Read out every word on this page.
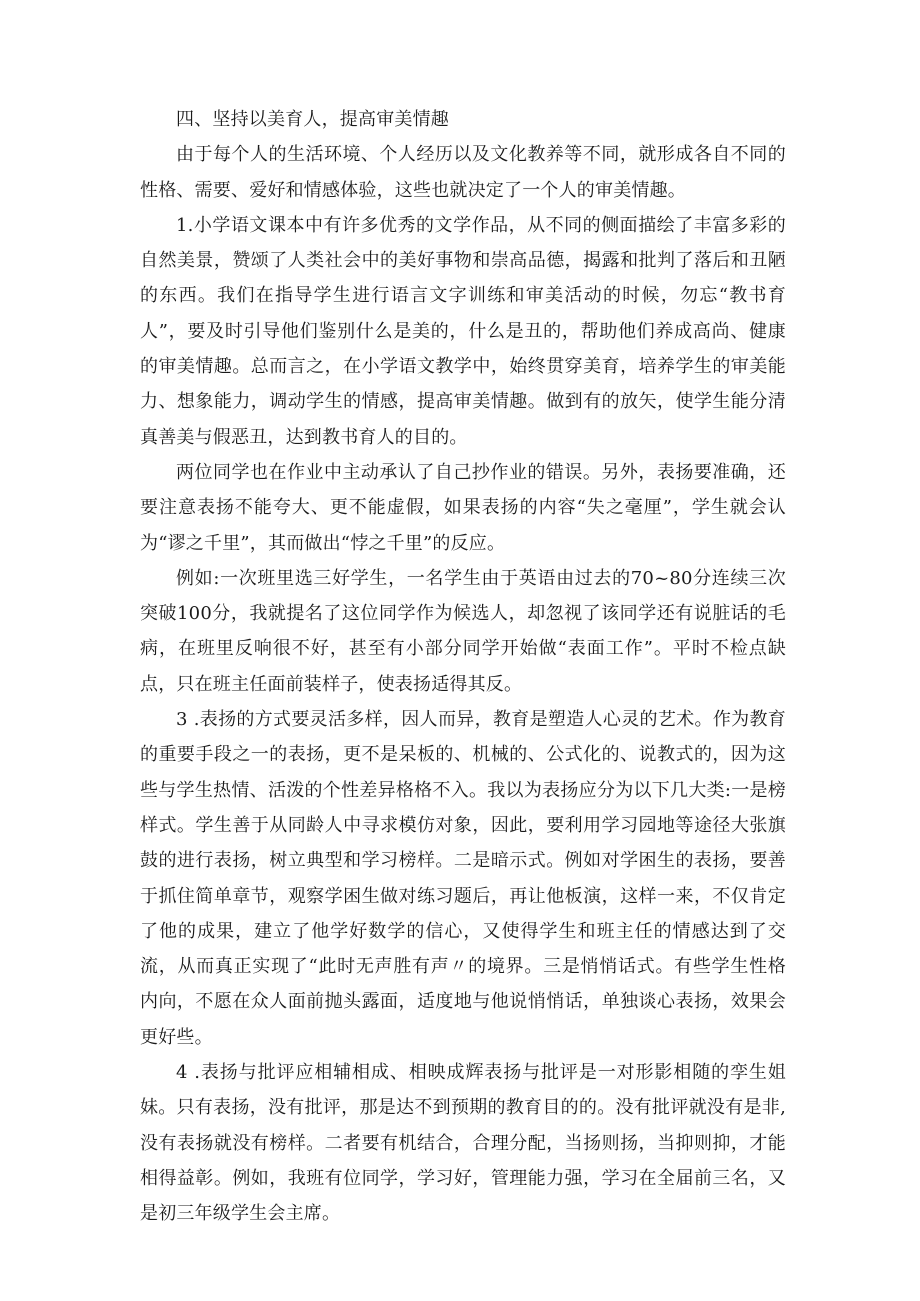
四、坚持以美育人，提高审美情趣

由于每个人的生活环境、个人经历以及文化教养等不同，就形成各自不同的性格、需要、爱好和情感体验，这些也就决定了一个人的审美情趣。

1.小学语文课本中有许多优秀的文学作品，从不同的侧面描绘了丰富多彩的自然美景，赞颂了人类社会中的美好事物和崇高品德，揭露和批判了落后和丑陋的东西。我们在指导学生进行语言文字训练和审美活动的时候，勿忘“教书育人”，要及时引导他们鉴别什么是美的，什么是丑的，帮助他们养成高尚、健康的审美情趣。总而言之，在小学语文教学中，始终贯穿美育，培养学生的审美能力、想象能力，调动学生的情感，提高审美情趣。做到有的放矢，使学生能分清真善美与假恶丑，达到教书育人的目的。

两位同学也在作业中主动承认了自己抄作业的错误。另外，表扬要准确，还要注意表扬不能夸大、更不能虚假，如果表扬的内容“失之毫厘”，学生就会认为“谬之千里”，其而做出“悖之千里”的反应。

例如:一次班里选三好学生，一名学生由于英语由过去的70~80分连续三次突破100分，我就提名了这位同学作为候选人，却忽视了该同学还有说脏话的毛病，在班里反响很不好，甚至有小部分同学开始做“表面工作”。平时不检点缺点，只在班主任面前装样子，使表扬适得其反。

3 .表扬的方式要灵活多样，因人而异，教育是塑造人心灵的艺术。作为教育的重要手段之一的表扬，更不是呆板的、机械的、公式化的、说教式的，因为这些与学生热情、活泼的个性差异格格不入。我以为表扬应分为以下几大类:一是榜样式。学生善于从同龄人中寻求模仿对象，因此，要利用学习园地等途径大张旗鼓的进行表扬，树立典型和学习榜样。二是暗示式。例如对学困生的表扬，要善于抓住简单章节，观察学困生做对练习题后，再让他板演，这样一来，不仅肯定了他的成果，建立了他学好数学的信心，又使得学生和班主任的情感达到了交流，从而真正实现了“此时无声胜有声〃的境界。三是悄悄话式。有些学生性格内向，不愿在众人面前抛头露面，适度地与他说悄悄话，单独谈心表扬，效果会更好些。

4 .表扬与批评应相辅相成、相映成辉表扬与批评是一对形影相随的孪生姐妹。只有表扬，没有批评，那是达不到预期的教育目的的。没有批评就没有是非,没有表扬就没有榜样。二者要有机结合，合理分配，当扬则扬，当抑则抑，才能相得益彰。例如，我班有位同学，学习好，管理能力强，学习在全届前三名，又是初三年级学生会主席。
